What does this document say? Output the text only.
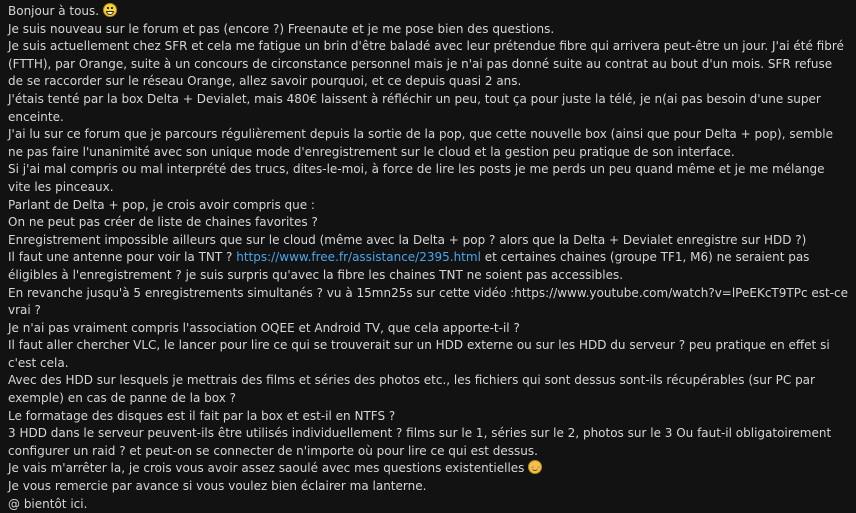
Bonjour à tous.

Je suis nouveau sur le forum et pas (encore ?) Freenaute et je me pose bien des questions.

Je suis actuellement chez SFR et cela me fatigue un brin d'être baladé avec leur prétendue fibre qui arrivera peut-être un jour. J'ai été fibré (FTTH), par Orange, suite à un concours de circonstance personnel mais je n'ai pas donné suite au contrat au bout d'un mois. SFR refuse de se raccorder sur le réseau Orange, allez savoir pourquoi, et ce depuis quasi 2 ans.

J'étais tenté par la box Delta + Devialet, mais 480€ laissent à réfléchir un peu, tout ça pour juste la télé, je n(ai pas besoin d'une super enceinte.

J'ai lu sur ce forum que je parcours régulièrement depuis la sortie de la pop, que cette nouvelle box (ainsi que pour Delta + pop), semble ne pas faire l'unanimité avec son unique mode d'enregistrement sur le cloud et la gestion peu pratique de son interface.

Si j'ai mal compris ou mal interprété des trucs, dites-le-moi, à force de lire les posts je me perds un peu quand même et je me mélange vite les pinceaux.

Parlant de Delta + pop, je crois avoir compris que :

On ne peut pas créer de liste de chaines favorites ?

Enregistrement impossible ailleurs que sur le cloud (même avec la Delta + pop ? alors que la Delta + Devialet enregistre sur HDD ?)

Il faut une antenne pour voir la TNT ? https://www.free.fr/assistance/2395.html et certaines chaines (groupe TF1, M6) ne seraient pas éligibles à l'enregistrement ? je suis surpris qu'avec la fibre les chaines TNT ne soient pas accessibles.

En revanche jusqu'à 5 enregistrements simultanés ? vu à 15mn25s sur cette vidéo :https://www.youtube.com/watch?v=lPeEKcT9TPc est-ce vrai ?

Je n'ai pas vraiment compris l'association OQEE et Android TV, que cela apporte-t-il ?

Il faut aller chercher VLC, le lancer pour lire ce qui se trouverait sur un HDD externe ou sur les HDD du serveur ? peu pratique en effet si c'est cela.

Avec des HDD sur lesquels je mettrais des films et séries des photos etc., les fichiers qui sont dessus sont-ils récupérables (sur PC par exemple) en cas de panne de la box ?

Le formatage des disques est il fait par la box et est-il en NTFS ?

3 HDD dans le serveur peuvent-ils être utilisés individuellement ? films sur le 1, séries sur le 2, photos sur le 3 Ou faut-il obligatoirement configurer un raid ? et peut-on se connecter de n'importe où pour lire ce qui est dessus.

Je vais m'arrêter la, je crois vous avoir assez saoulé avec mes questions existentielles

Je vous remercie par avance si vous voulez bien éclairer ma lanterne.

@ bientôt ici.
